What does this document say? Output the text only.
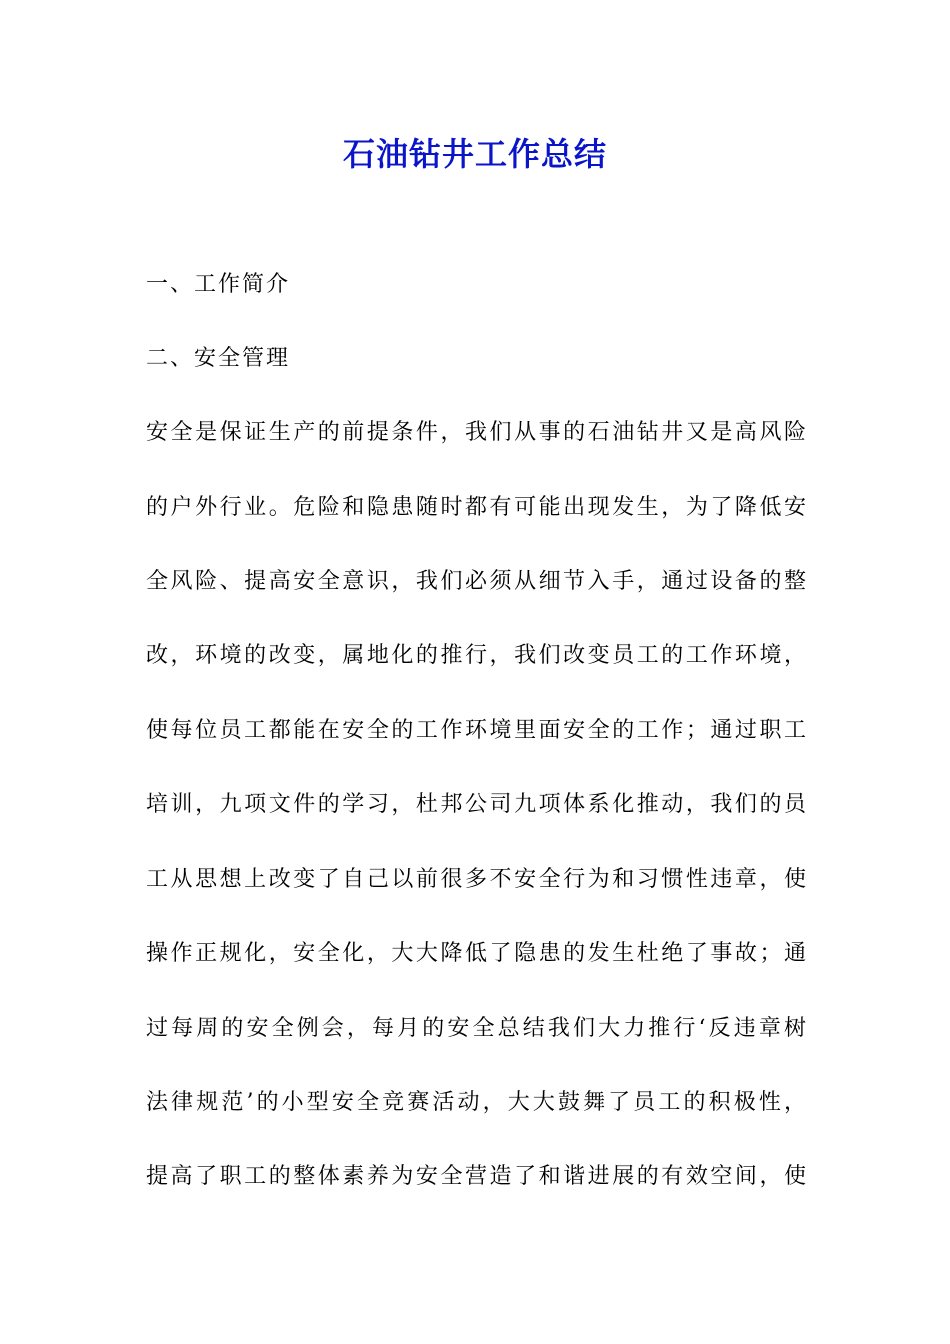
石油钻井工作总结
一、工作简介
二、安全管理
安全是保证生产的前提条件，我们从事的石油钻井又是高风险
的户外行业。危险和隐患随时都有可能出现发生，为了降低安
全风险、提高安全意识，我们必须从细节入手，通过设备的整
改，环境的改变，属地化的推行，我们改变员工的工作环境，
使每位员工都能在安全的工作环境里面安全的工作；通过职工
培训，九项文件的学习，杜邦公司九项体系化推动，我们的员
工从思想上改变了自己以前很多不安全行为和习惯性违章，使
操作正规化，安全化，大大降低了隐患的发生杜绝了事故；通
过每周的安全例会，每月的安全总结我们大力推行‘反违章树
法律规范’的小型安全竞赛活动，大大鼓舞了员工的积极性，
提高了职工的整体素养为安全营造了和谐进展的有效空间，使
